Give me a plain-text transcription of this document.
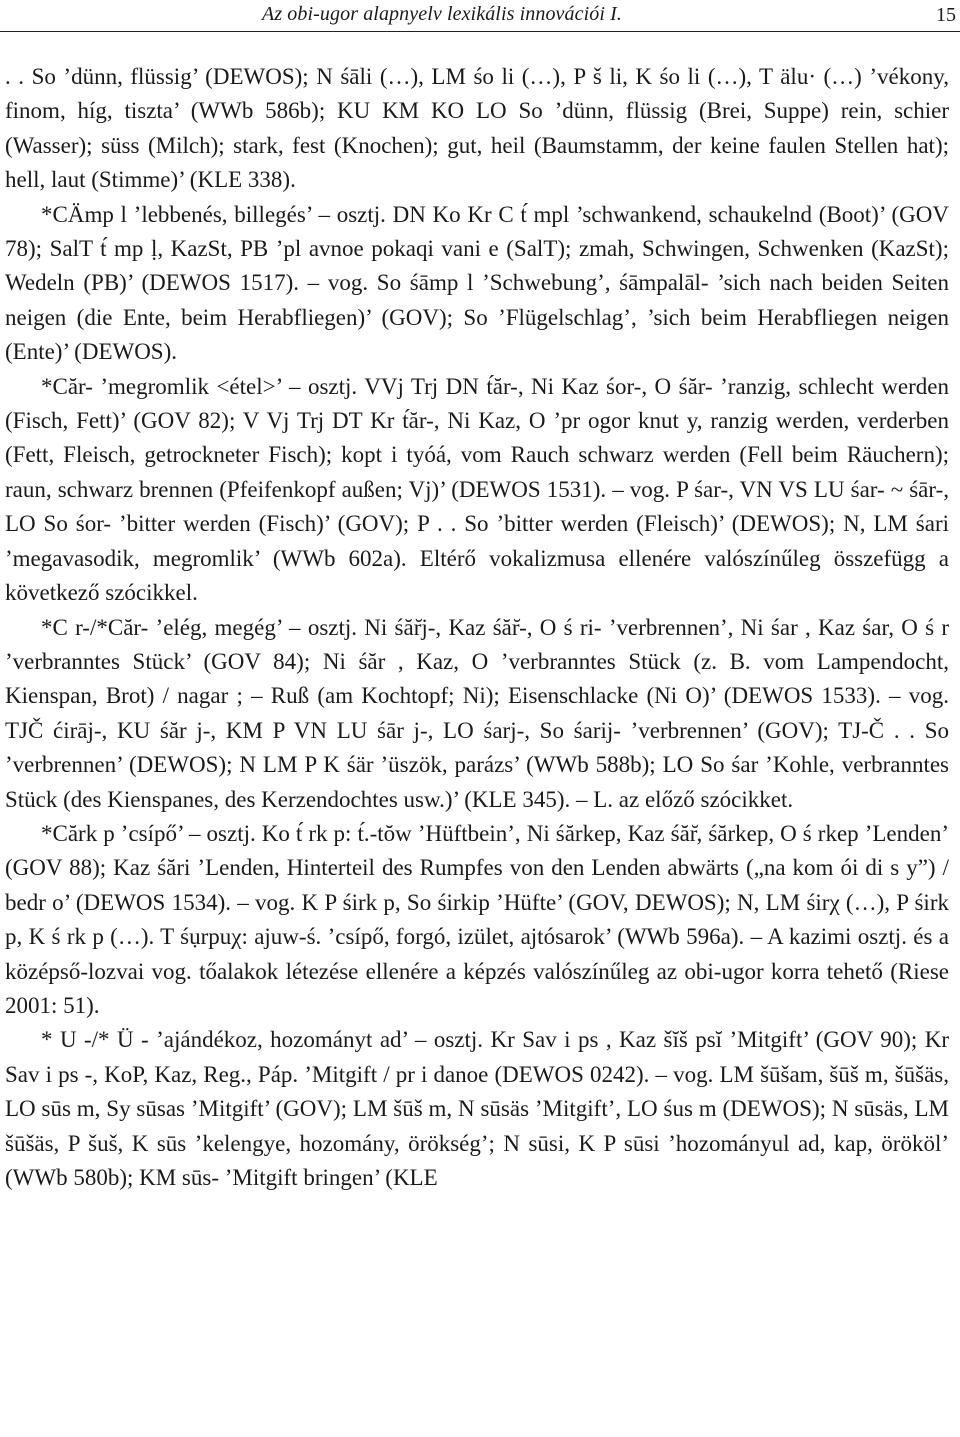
Az obi-ugor alapnyelv lexikális innovációi I.	15

. . So ’dünn, flüssig’ (DEWOS); N śāli (…), LM śo li (…), P š li, K śo li (…), T älu· (…) ’vékony, finom, híg, tiszta’ (WWb 586b); KU KM KO LO So ’dünn, flüssig (Brei, Suppe) rein, schier (Wasser); süss (Milch); stark, fest (Knochen); gut, heil (Baumstamm, der keine faulen Stellen hat); hell, laut (Stimme)’ (KLE 338).

*CÄmp l ’lebbenés, billegés’ – osztj. DN Ko Kr C t́ mpl ’schwankend, schaukelnd (Boot)’ (GOV 78); SalT t́ mp ḷ, KazSt, PB ’pl avnoe pokaqi vani e (SalT); zmah, Schwingen, Schwenken (KazSt); Wedeln (PB)’ (DEWOS 1517). – vog. So śāmp l ’Schwebung’, śāmpalāl- ’sich nach beiden Seiten neigen (die Ente, beim Herabfliegen)’ (GOV); So ’Flügelschlag’, ’sich beim Herabfliegen neigen (Ente)’ (DEWOS).

*Căr- ’megromlik <étel>’ – osztj. VVj Trj DN t́ăr-, Ni Kaz śor-, O śăr- ’ranzig, schlecht werden (Fisch, Fett)’ (GOV 82); V Vj Trj DT Kr t́ăr-, Ni Kaz, O ’pr ogor knut y, ranzig werden, verderben (Fett, Fleisch, getrockneter Fisch); kopt i tyóá, vom Rauch schwarz werden (Fell beim Räuchern); raun, schwarz brennen (Pfeifenkopf außen; Vj)’ (DEWOS 1531). – vog. P śar-, VN VS LU śar- ~ śār-, LO So śor- ’bitter werden (Fisch)’ (GOV); P . . So ’bitter werden (Fleisch)’ (DEWOS); N, LM śari ’megavasodik, megromlik’ (WWb 602a). Eltérő vokalizmusa ellenére valószínűleg összefügg a következő szócikkel.

*C r-/*Căr- ’elég, megég’ – osztj. Ni śăr̆j-, Kaz śăr̆-, O ś ri- ’verbrennen’, Ni śar , Kaz śar, O ś r ’verbranntes Stück’ (GOV 84); Ni śăr , Kaz, O ’verbranntes Stück (z. B. vom Lampendocht, Kienspan, Brot) / nagar ; – Ruß (am Kochtopf; Ni); Eisenschlacke (Ni O)’ (DEWOS 1533). – vog. TJČ ćirāj-, KU śăr j-, KM P VN LU śār j-, LO śarj-, So śarij- ’verbrennen’ (GOV); TJ-Č . . So ’verbrennen’ (DEWOS); N LM P K śär ’üszök, parázs’ (WWb 588b); LO So śar ’Kohle, verbranntes Stück (des Kienspanes, des Kerzendochtes usw.)’ (KLE 345). – L. az előző szócikket.

*Cărk p ’csípő’ – osztj. Ko t́ rk p: t́.-tŏw ’Hüftbein’, Ni śărkep, Kaz śăr̆, śărkep, O ś rkep ’Lenden’ (GOV 88); Kaz śări ’Lenden, Hinterteil des Rumpfes von den Lenden abwärts („na kom ói di s y”) / bedr o’ (DEWOS 1534). – vog. K P śirk p, So śirkip ’Hüfte’ (GOV, DEWOS); N, LM śirχ (…), P śirk p, K ś rk p (…). T śụrpuχ: ajuw-ś. ’csípő, forgó, izület, ajtósarok’ (WWb 596a). – A kazimi osztj. és a középső-lozvai vog. tőalakok létezése ellenére a képzés valószínűleg az obi-ugor korra tehető (Riese 2001: 51).

* U -/* Ü - ’ajándékoz, hozományt ad’ – osztj. Kr Sav i ps , Kaz šĭš psĭ ’Mitgift’ (GOV 90); Kr Sav i ps -, KoP, Kaz, Reg., Páp. ’Mitgift / pr i danoe (DEWOS 0242). – vog. LM šūšam, šūš m, šūšäs, LO sūs m, Sy sūsas ’Mitgift’ (GOV); LM šūš m, N sūsäs ’Mitgift’, LO śus m (DEWOS); N sūsäs, LM šūšäs, P šuš, K sūs ’kelengye, hozomány, örökség’; N sūsi, K P sūsi ’hozományul ad, kap, örököl’ (WWb 580b); KM sūs- ’Mitgift bringen’ (KLE
